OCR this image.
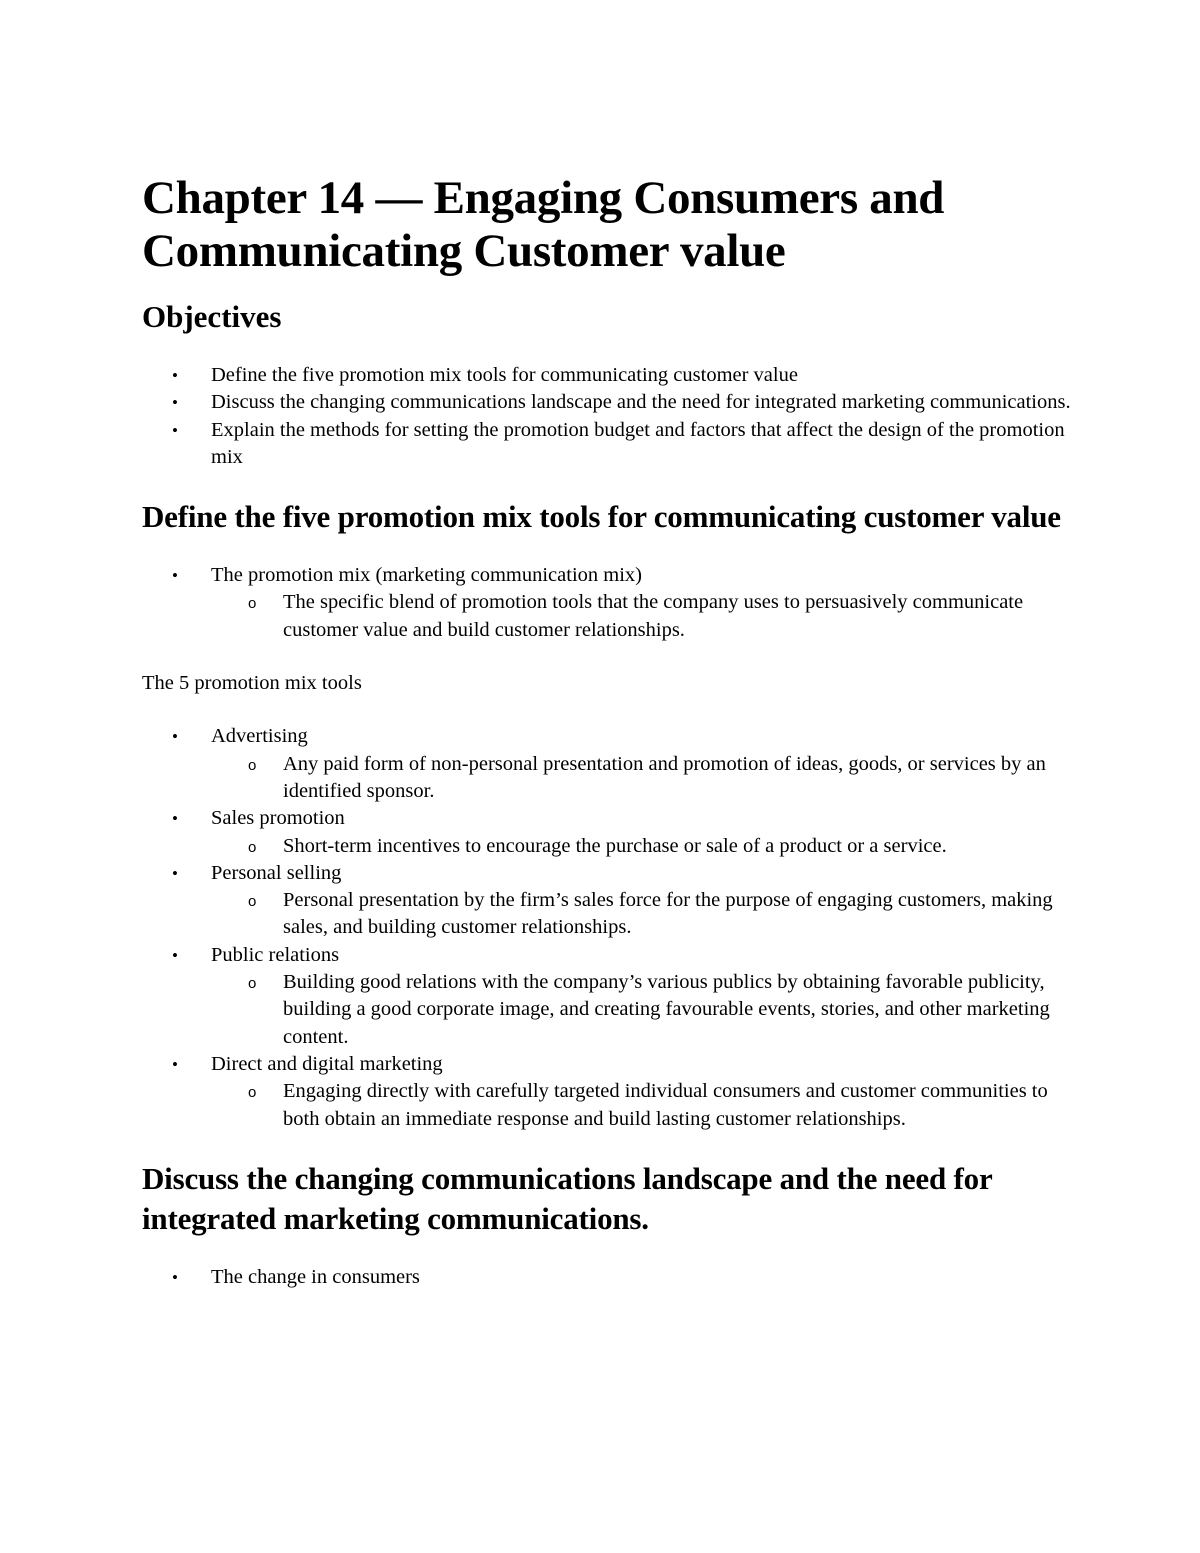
Chapter 14 — Engaging Consumers and Communicating Customer value
Objectives
• Define the five promotion mix tools for communicating customer value
• Discuss the changing communications landscape and the need for integrated marketing communications.
• Explain the methods for setting the promotion budget and factors that affect the design of the promotion mix
Define the five promotion mix tools for communicating customer value
• The promotion mix (marketing communication mix)
o The specific blend of promotion tools that the company uses to persuasively communicate customer value and build customer relationships.

The 5 promotion mix tools

• Advertising
o Any paid form of non-personal presentation and promotion of ideas, goods, or services by an identified sponsor.
• Sales promotion
o Short-term incentives to encourage the purchase or sale of a product or a service.
• Personal selling
o Personal presentation by the firm’s sales force for the purpose of engaging customers, making sales, and building customer relationships.
• Public relations
o Building good relations with the company’s various publics by obtaining favorable publicity, building a good corporate image, and creating favourable events, stories, and other marketing content.
• Direct and digital marketing
o Engaging directly with carefully targeted individual consumers and customer communities to both obtain an immediate response and build lasting customer relationships.
Discuss the changing communications landscape and the need for integrated marketing communications.
• The change in consumers
